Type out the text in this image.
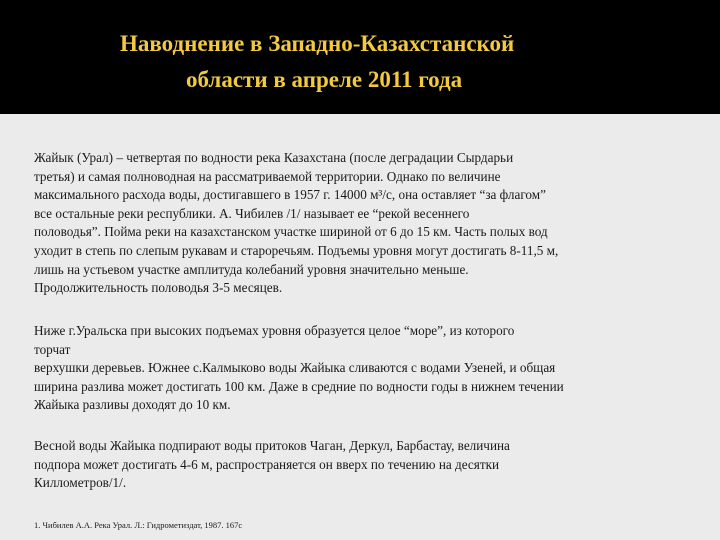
Наводнение в Западно-Казахстанской
области в апреле 2011 года

Жайык (Урал) – четвертая по водности река Казахстана (после деградации Сырдарьи
третья) и самая полноводная на рассматриваемой территории. Однако по величине
максимального расхода воды, достигавшего в 1957 г. 14000 м³/с, она оставляет “за флагом”
все остальные реки республики. А. Чибилев /1/ называет ее “рекой весеннего
половодья”. Пойма реки на казахстанском участке шириной от 6 до 15 км. Часть полых вод
уходит в степь по слепым рукавам и староречьям. Подъемы уровня могут достигать 8-11,5 м,
лишь на устьевом участке амплитуда колебаний уровня значительно меньше.
Продолжительность половодья 3-5 месяцев.

Ниже г.Уральска при высоких подъемах уровня образуется целое “море”, из которого
торчат
верхушки деревьев. Южнее с.Калмыково воды Жайыка сливаются с водами Узеней, и общая
ширина разлива может достигать 100 км. Даже в средние по водности годы в нижнем течении
Жайыка разливы доходят до 10 км.

Весной воды Жайыка подпирают воды притоков Чаган, Деркул, Барбастау, величина
подпора может достигать 4-6 м, распространяется он вверх по течению на десятки
Киллометров/1/.

1. Чибилев А.А. Река Урал. Л.: Гидрометиздат, 1987. 167с
